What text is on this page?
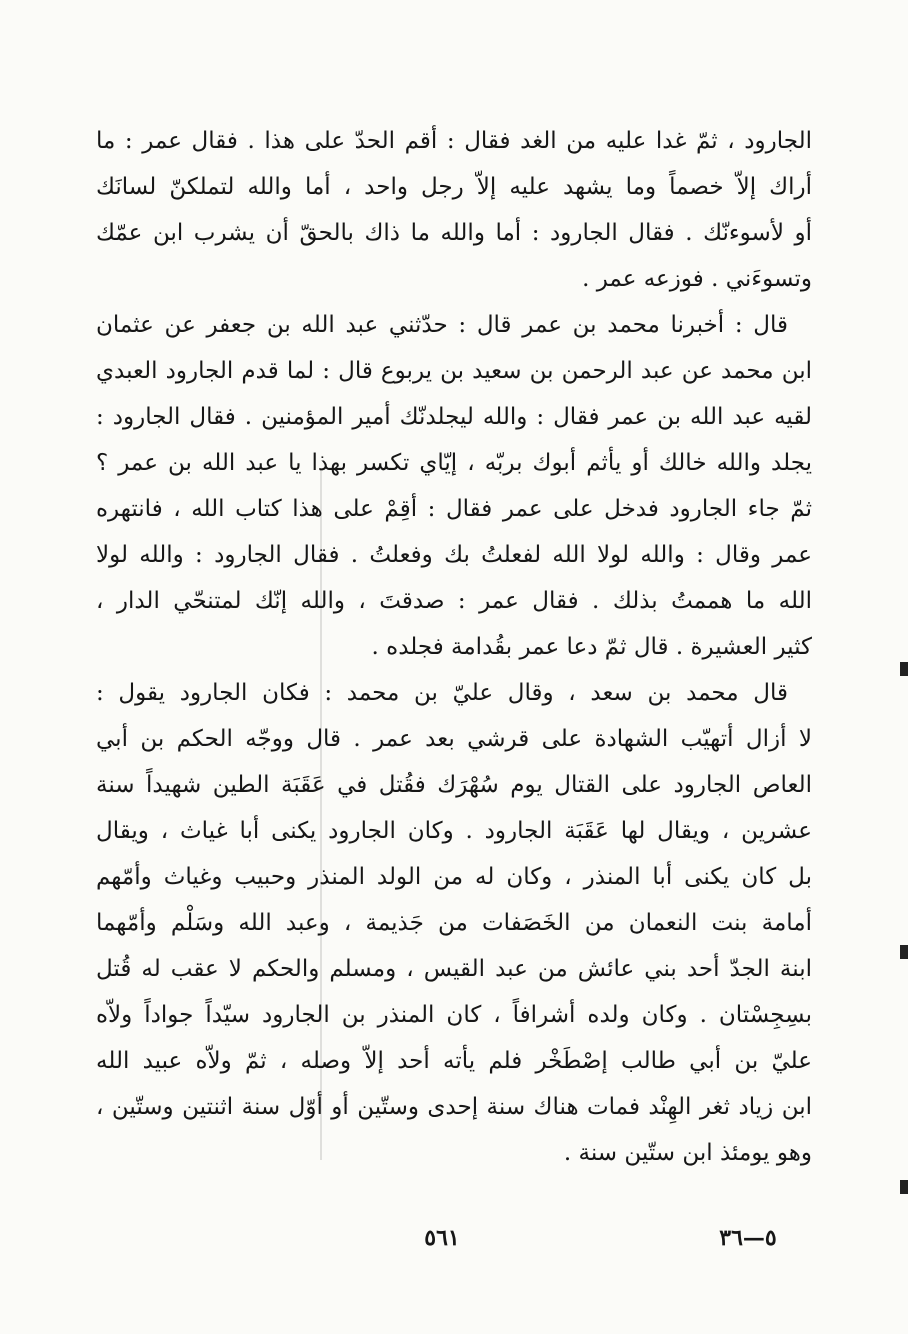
الجارود ، ثمّ غدا عليه من الغد فقال : أقم الحدّ على هذا . فقال عمر : ما
أراك إلاّ خصماً وما يشهد عليه إلاّ رجل واحد ، أما والله لتملكنّ لسانَك
أو لأسوءنّك . فقال الجارود : أما والله ما ذاك بالحقّ أن يشرب ابن عمّك
وتسوءَني . فوزعه عمر .
قال : أخبرنا محمد بن عمر قال : حدّثني عبد الله بن جعفر عن عثمان
ابن محمد عن عبد الرحمن بن سعيد بن يربوع قال : لما قدم الجارود العبدي
لقيه عبد الله بن عمر فقال : والله ليجلدنّك أمير المؤمنين . فقال الجارود :
يجلد والله خالك أو يأثم أبوك بربّه ، إيّاي تكسر بهذا يا عبد الله بن عمر ؟
ثمّ جاء الجارود فدخل على عمر فقال : أقِمْ على هذا كتاب الله ، فانتهره
عمر وقال : والله لولا الله لفعلتُ بك وفعلتُ . فقال الجارود : والله لولا
الله ما هممتُ بذلك . فقال عمر : صدقتَ ، والله إنّك لمتنحّي الدار ،
كثير العشيرة . قال ثمّ دعا عمر بقُدامة فجلده .
قال محمد بن سعد ، وقال عليّ بن محمد : فكان الجارود يقول :
لا أزال أتهيّب الشهادة على قرشي بعد عمر . قال ووجّه الحكم بن أبي
العاص الجارود على القتال يوم سُهْرَك فقُتل في عَقَبَة الطين شهيداً سنة
عشرين ، ويقال لها عَقَبَة الجارود . وكان الجارود يكنى أبا غياث ، ويقال
بل كان يكنى أبا المنذر ، وكان له من الولد المنذر وحبيب وغياث وأمّهم
أمامة بنت النعمان من الخَصَفات من جَذيمة ، وعبد الله وسَلْم وأمّهما
ابنة الجدّ أحد بني عائش من عبد القيس ، ومسلم والحكم لا عقب له قُتل
بسِجِسْتان . وكان ولده أشرافاً ، كان المنذر بن الجارود سيّداً جواداً ولاّه
عليّ بن أبي طالب إصْطَخْر فلم يأته أحد إلاّ وصله ، ثمّ ولاّه عبيد الله
ابن زياد ثغر الهِنْد فمات هناك سنة إحدى وستّين أو أوّل سنة اثنتين وستّين ،
وهو يومئذ ابن ستّين سنة .
٥٦١	٥—٣٦
